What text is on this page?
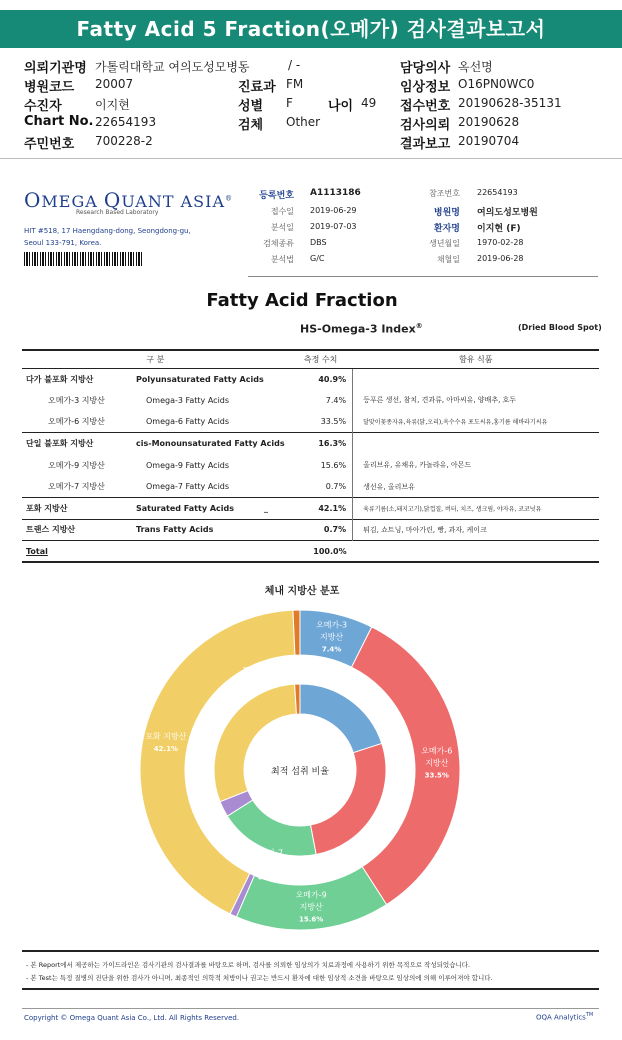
Fatty Acid 5 Fraction(오메가) 검사결과보고서
의뢰기관명 가톨릭대학교 여의도성모병동	/ -	담당의사 옥선명
병원코드 20007	진료과 FM	임상정보 O16PN0WC0
수진자	이지현	성별 F	나이 49 접수번호 20190628-35131
Chart No. 22654193	검체 Other	검사의뢰 20190628
주민번호 700228-2	결과보고 20190704
OMEGA QUANT ASIA®
Research Based Laboratory
HIT #518, 17 Haengdang-dong, Seongdong-gu,
Seoul 133-791, Korea.
등록번호 A1113186
접수일 2019-06-29
분석일 2019-07-03
검체종류 DBS
분석법 G/C
참조번호 22654193
병원명 여의도성모병원
환자명 이지현 (F)
생년월일 1970-02-28
채혈일 2019-06-28
Fatty Acid Fraction
HS-Omega-3 Index®	(Dried Blood Spot)
구 분		측정 수치	함유 식품
다가 불포화 지방산	Polyunsaturated Fatty Acids	40.9%	
오메가-3 지방산	Omega-3 Fatty Acids	7.4%	등푸른 생선, 참치, 견과류, 아마씨유, 양배추, 호두
오메가-6 지방산	Omega-6 Fatty Acids	33.5%	달맞이꽃종자유,육류(닭,오리),옥수수유 포도씨유,홍기름 해바라기씨유
단일 불포화 지방산	cis-Monounsaturated Fatty Acids	16.3%	
오메가-9 지방산	Omega-9 Fatty Acids	15.6%	올리브유, 유채유, 카놀라유, 아몬드
오메가-7 지방산	Omega-7 Fatty Acids	0.7%	생선유, 올리브유
포화 지방산	Saturated Fatty Acids _	42.1%	육류기름(소,돼지고기),닭껍질, 버터, 치즈, 생크림, 야자유, 코코넛유
트랜스 지방산	Trans Fatty Acids	0.7%	튀김, 쇼트닝, 마아가린, 빵, 과자, 케이크
Total		100.0%	
체내 지방산 분포
최적 섭취 비율
오메가-3
지방산
7.4%
오메가-6
지방산
33.5%
오메가-9
지방산
15.6%
오메가-7
지방산
0.7%
포화 지방산
42.1%
트랜스 지방산
0.7%
- 본 Report에서 제공하는 가이드라인은 검사기관의 검사결과를 바탕으로 하며, 검사를 의뢰한 임상의가 치료과정에 사용하기 위한 목적으로 작성되었습니다.
- 본 Test는 특정 질병의 진단을 위한 검사가 아니며, 최종적인 의학적 처방이나 권고는 반드시 환자에 대한 임상적 소견을 바탕으로 임상의에 의해 이루어져야 합니다.
Copyright © Omega Quant Asia Co., Ltd. All Rights Reserved.	OQA Analytics™
